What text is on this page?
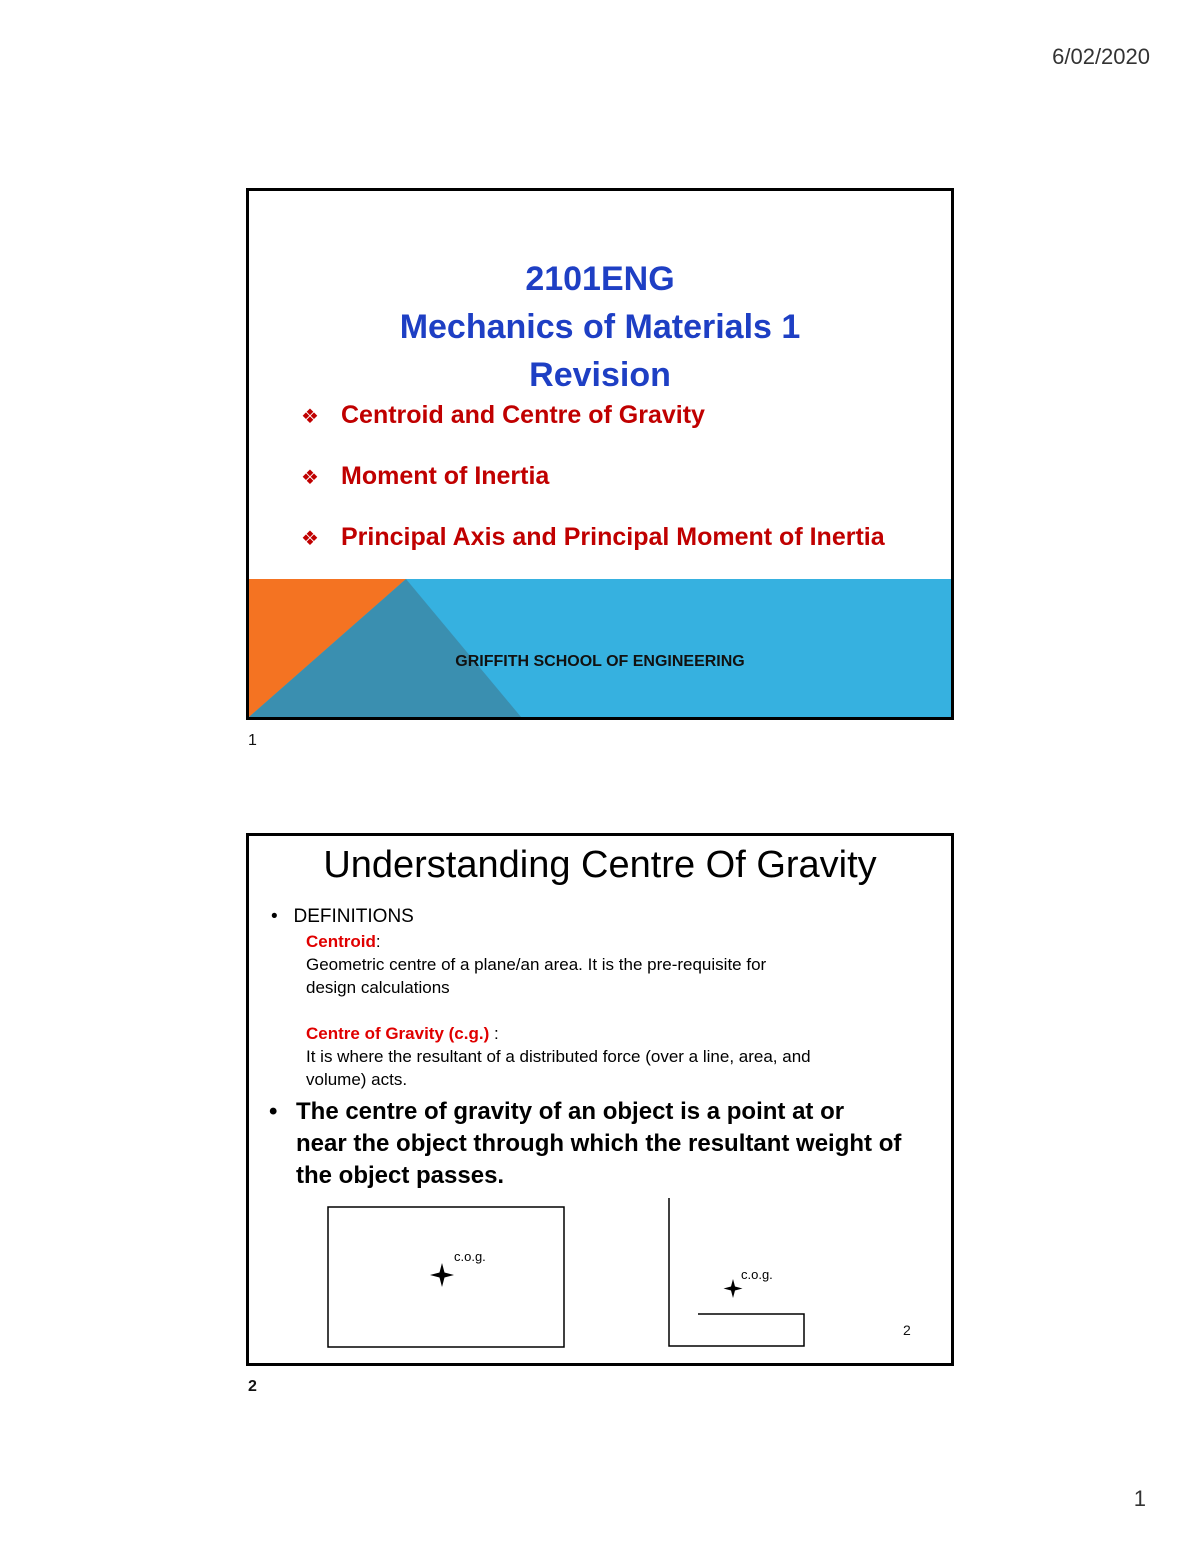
6/02/2020
2101ENG
Mechanics of Materials 1
Revision
❖ Centroid and Centre of Gravity
❖ Moment of Inertia
❖ Principal Axis and Principal Moment of Inertia
GRIFFITH SCHOOL OF ENGINEERING
1
Understanding Centre Of Gravity
• DEFINITIONS
Centroid:
Geometric centre of a plane/an area. It is the pre-requisite for
design calculations
Centre of Gravity (c.g.) :
It is where the resultant of a distributed force (over a line, area, and
volume) acts.
• The centre of gravity of an object is a point at or
near the object through which the resultant weight of
the object passes.
c.o.g.
c.o.g.
2
2
1
